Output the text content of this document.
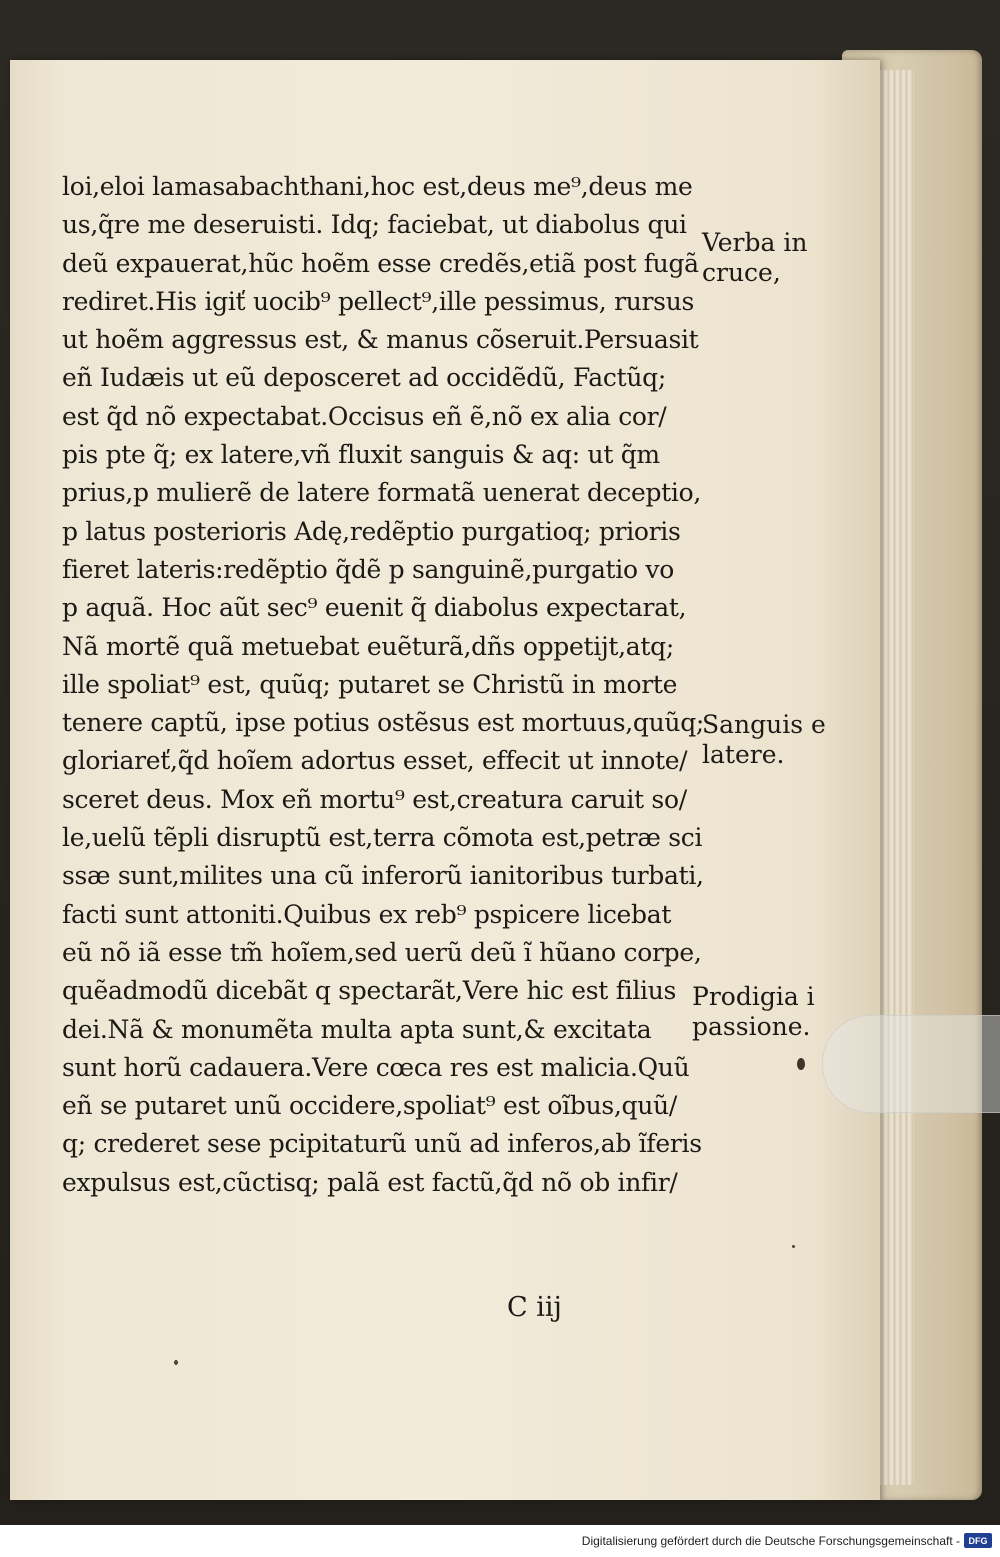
loi,eloi lamasabachthani,hoc est,deus me⁹,deus me
us,q̃re me deseruisti. Idq; faciebat, ut diabolus qui
deũ expauerat,hũc hoẽm esse credẽs,etiã post fugã
rediret.His igiť uocib⁹ pellect⁹,ille pessimus, rursus
ut hoẽm aggressus est, & manus cõseruit.Persuasit
eñ Iudæis ut eũ deposceret ad occidẽdũ, Factũq;
est q̃d nõ expectabat.Occisus eñ ẽ,nõ ex alia cor/
pis pte q̃; ex latere,vñ fluxit sanguis & aq: ut q̃m
prius,p mulierẽ de latere formatã uenerat deceptio,
p latus posterioris Adę,redẽptio purgatioq; prioris
fieret lateris:redẽptio q̃dẽ p sanguinẽ,purgatio vo
p aquã. Hoc aũt sec⁹ euenit q̃ diabolus expectarat,
Nã mortẽ quã metuebat euẽturã,dñs oppetijt,atq;
ille spoliat⁹ est, quũq; putaret se Christũ in morte
tenere captũ, ipse potius ostẽsus est mortuus,quũq;
gloriareť,q̃d hoĩem adortus esset, effecit ut innote/
sceret deus. Mox eñ mortu⁹ est,creatura caruit so/
le,uelũ tẽpli disruptũ est,terra cõmota est,petræ sci
ssæ sunt,milites una cũ inferorũ ianitoribus turbati,
facti sunt attoniti.Quibus ex reb⁹ pspicere licebat
eũ nõ iã esse tm̃ hoĩem,sed uerũ deũ ĩ hũano corpe,
quẽadmodũ dicebãt q spectarãt,Vere hic est filius
dei.Nã & monumẽta multa apta sunt,& excitata
sunt horũ cadauera.Vere cœca res est malicia.Quũ
eñ se putaret unũ occidere,spoliat⁹ est oĩbus,quũ/
q; crederet sese pcipitaturũ unũ ad inferos,ab ĩferis
expulsus est,cũctisq; palã est factũ,q̃d nõ ob infir/
C iij
Verba in
cruce,
Sanguis e
latere.
Prodigia i
passione.
Digitalisierung gefördert durch die Deutsche Forschungsgemeinschaft - DFG
